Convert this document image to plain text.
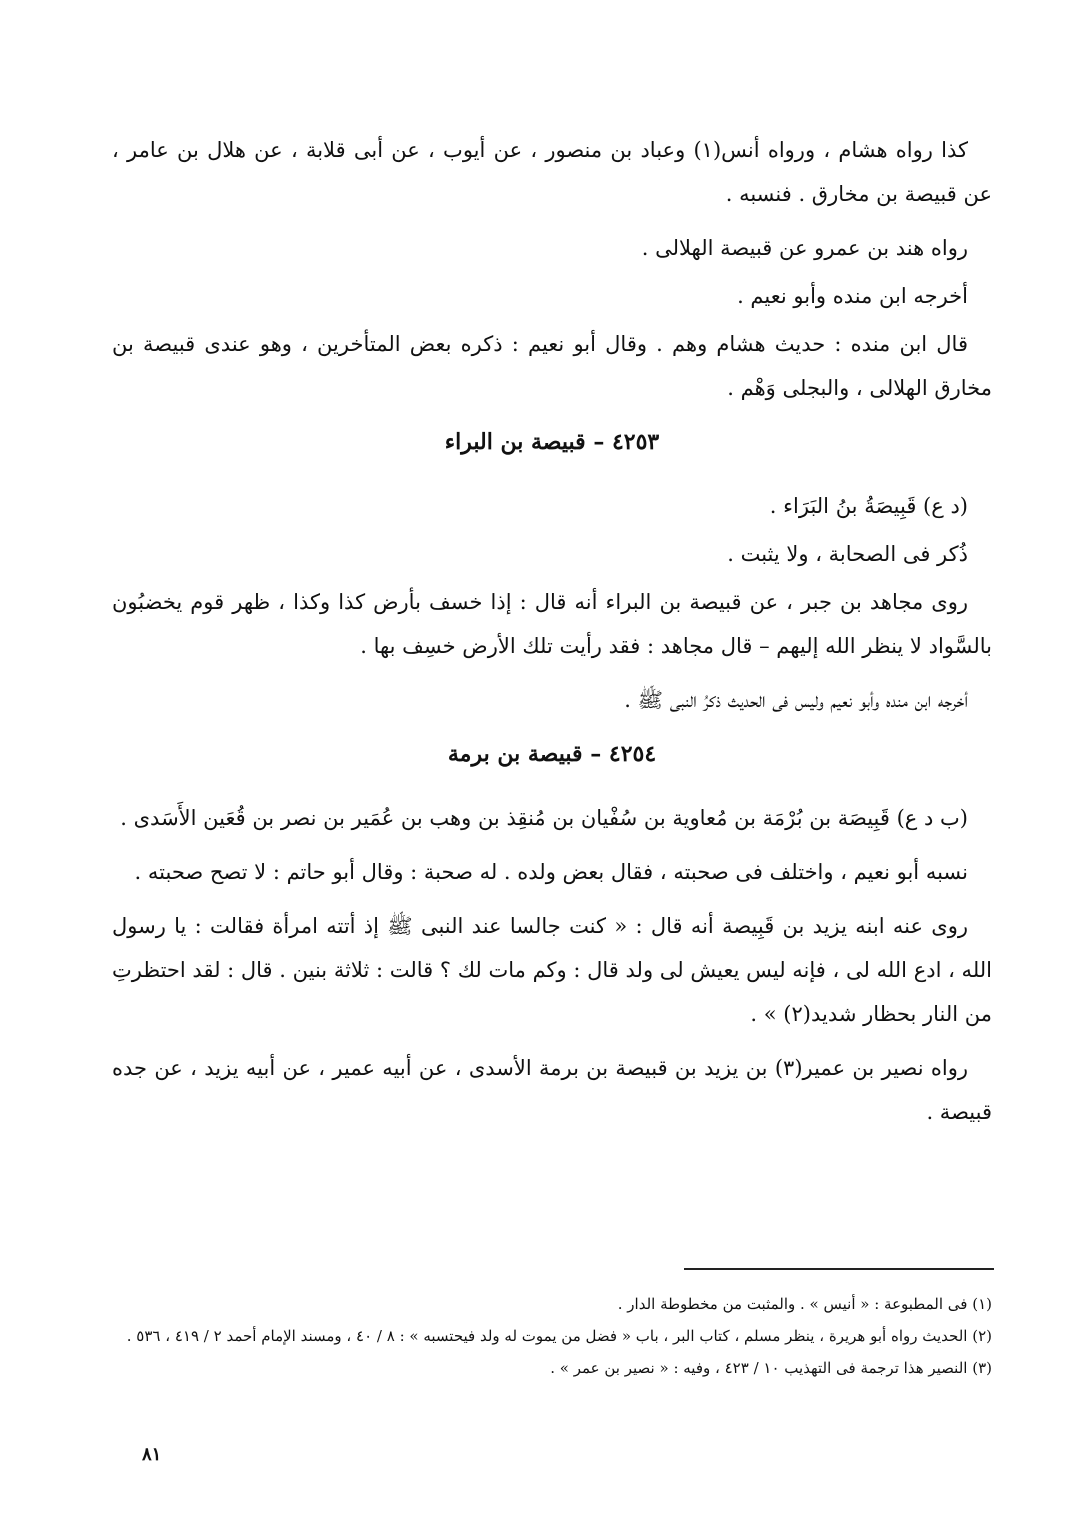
كذا رواه هشام ، ورواه أنس(١) وعباد بن منصور ، عن أيوب ، عن أبى قلابة ، عن هلال بن عامر ، عن قبيصة بن مخارق . فنسبه .

رواه هند بن عمرو عن قبيصة الهلالى .

أخرجه ابن منده وأبو نعيم .

قال ابن منده : حديث هشام وهم . وقال أبو نعيم : ذكره بعض المتأخرين ، وهو عندى قبيصة بن مخارق الهلالى ، والبجلى وَهْم .

٤٢٥٣ – قبيصة بن البراء

(د ع) قَبِيصَةُ بنُ البَرَاء .

ذُكر فى الصحابة ، ولا يثبت .

روى مجاهد بن جبر ، عن قبيصة بن البراء أنه قال : إذا خسف بأرض كذا وكذا ، ظهر قوم يخضبُون بالسَّواد لا ينظر الله إليهم – قال مجاهد : فقد رأيت تلك الأرض خسِف بها .

أخرجه ابن منده وأبو نعيم وليس فى الحديث ذكرُ النبى ﷺ .

٤٢٥٤ – قبيصة بن برمة

(ب د ع) قَبِيصَة بن بُرْمَة بن مُعاوية بن سُفْيان بن مُنقِذ بن وهب بن عُمَير بن نصر بن قُعَين الأَسَدى .

نسبه أبو نعيم ، واختلف فى صحبته ، فقال بعض ولده . له صحبة : وقال أبو حاتم : لا تصح صحبته .

روى عنه ابنه يزيد بن قَبِيصة أنه قال : « كنت جالسا عند النبى ﷺ إذ أتته امرأة فقالت : يا رسول الله ، ادع الله لى ، فإنه ليس يعيش لى ولد قال : وكم مات لك ؟ قالت : ثلاثة بنين . قال : لقد احتظرتِ من النار بحظار شديد(٢) » .

رواه نصير بن عمير(٣) بن يزيد بن قبيصة بن برمة الأسدى ، عن أبيه عمير ، عن أبيه يزيد ، عن جده قبيصة .

(١) فى المطبوعة : « أنيس » . والمثبت من مخطوطة الدار .

(٢) الحديث رواه أبو هريرة ، ينظر مسلم ، كتاب البر ، باب « فضل من يموت له ولد فيحتسبه » : ٨ / ٤٠ ، ومسند الإمام أحمد ٢ / ٤١٩ ، ٥٣٦ .

(٣) النصير هذا ترجمة فى التهذيب ١٠ / ٤٢٣ ، وفيه : « نصير بن عمر » .

٨١
